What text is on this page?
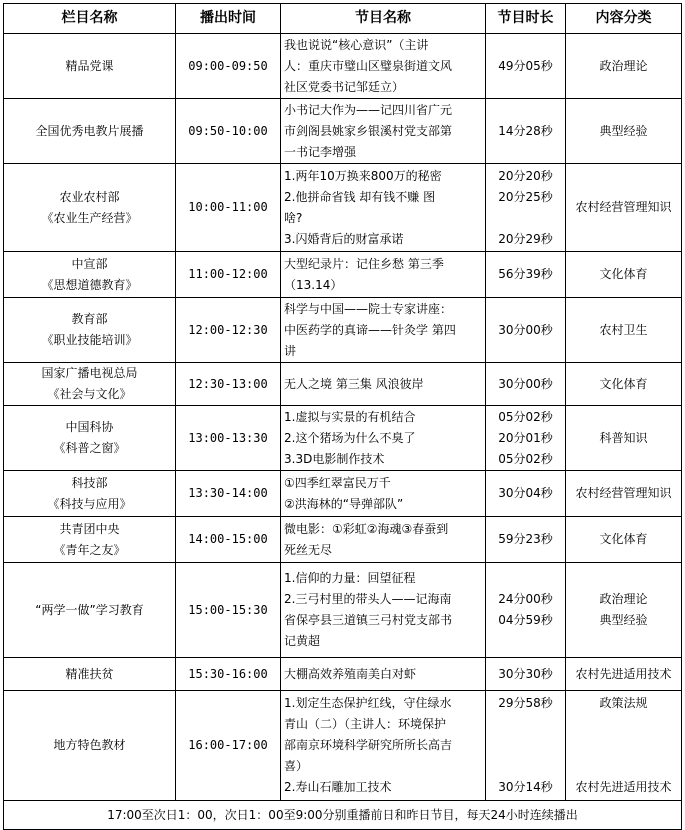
栏目名称	播出时间	节目名称	节目时长	内容分类

精品党课	09:00-09:50	我也说说“核心意识”（主讲
人：重庆市璧山区璧泉街道文风
社区党委书记邹廷立）	49分05秒	政治理论

全国优秀电教片展播	09:50-10:00	小书记大作为——记四川省广元
市剑阁县姚家乡银溪村党支部第
一书记李增强	14分28秒	典型经验

农业农村部
《农业生产经营》	10:00-11:00	1.两年10万换来800万的秘密
2.他拼命省钱 却有钱不赚 图
啥?
3.闪婚背后的财富承诺	20分20秒
20分25秒
20分29秒	农村经营管理知识

中宣部
《思想道德教育》	11:00-12:00	大型纪录片：记住乡愁 第三季
（13.14）	56分39秒	文化体育

教育部
《职业技能培训》	12:00-12:30	科学与中国——院士专家讲座：
中医药学的真谛——针灸学 第四
讲	30分00秒	农村卫生

国家广播电视总局
《社会与文化》	12:30-13:00	无人之境 第三集 风浪彼岸	30分00秒	文化体育

中国科协
《科普之窗》	13:00-13:30	1.虚拟与实景的有机结合
2.这个猪场为什么不臭了
3.3D电影制作技术	05分02秒
20分01秒
05分02秒	科普知识

科技部
《科技与应用》	13:30-14:00	①四季红翠富民万千
②洪海林的“导弹部队”	30分04秒	农村经营管理知识

共青团中央
《青年之友》	14:00-15:00	微电影：①彩虹②海魂③春蚕到
死丝无尽	59分23秒	文化体育

“两学一做”学习教育	15:00-15:30	1.信仰的力量：回望征程
2.三弓村里的带头人——记海南
省保亭县三道镇三弓村党支部书
记黄超	24分00秒
04分59秒	政治理论
典型经验

精准扶贫	15:30-16:00	大棚高效养殖南美白对虾	30分30秒	农村先进适用技术

地方特色教材	16:00-17:00	1.划定生态保护红线，守住绿水
青山（二）（主讲人：环境保护
部南京环境科学研究所所长高吉
喜）
2.寿山石雕加工技术	29分58秒
30分14秒	政策法规
农村先进适用技术

17:00至次日1：00，次日1：00至9:00分别重播前日和昨日节目，每天24小时连续播出				
